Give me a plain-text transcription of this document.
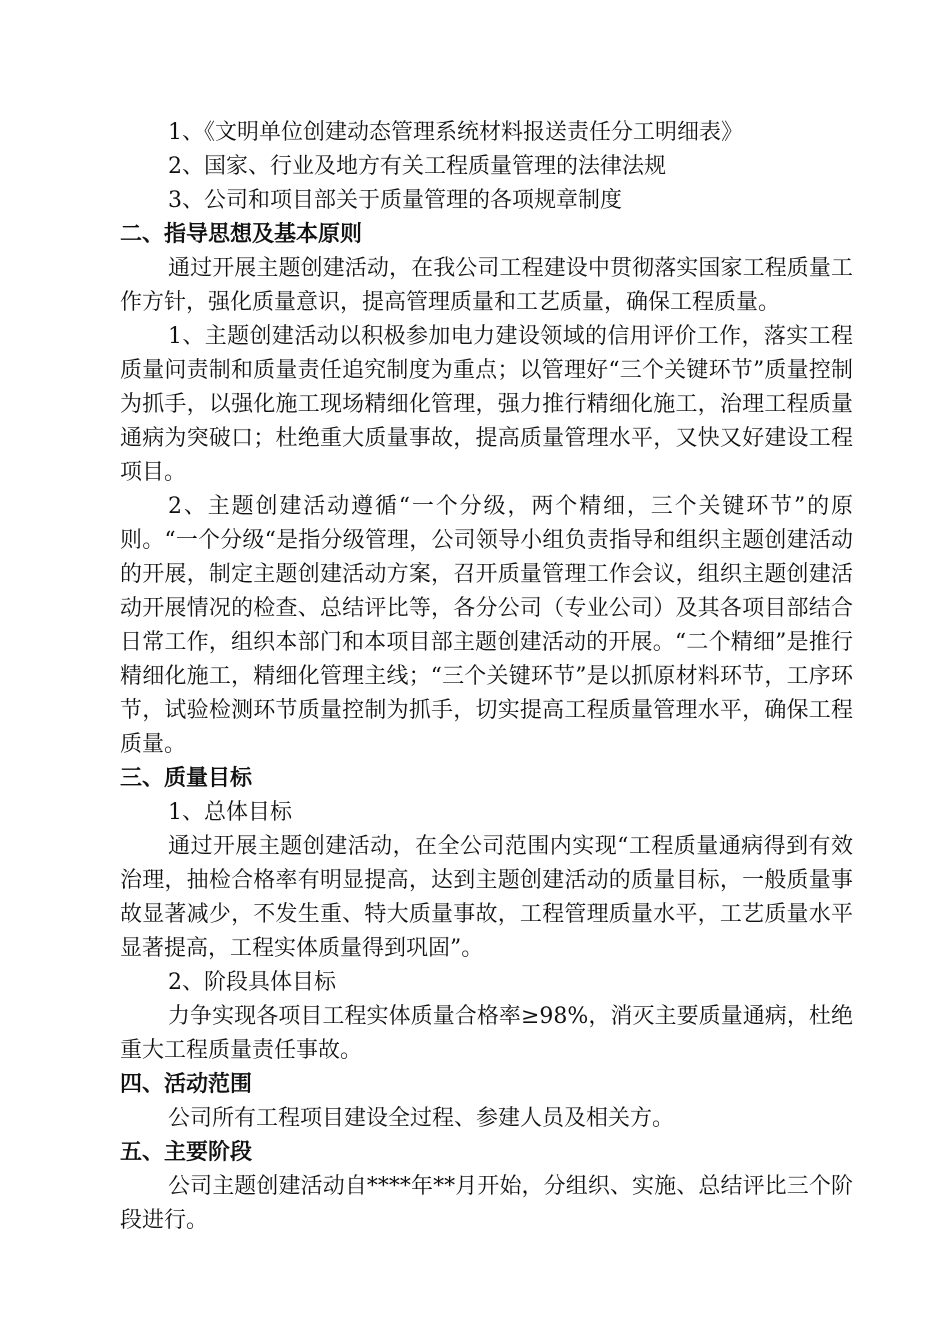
1、《文明单位创建动态管理系统材料报送责任分工明细表》

2、国家、行业及地方有关工程质量管理的法律法规

3、公司和项目部关于质量管理的各项规章制度

二、指导思想及基本原则

通过开展主题创建活动，在我公司工程建设中贯彻落实国家工程质量工作方针，强化质量意识，提高管理质量和工艺质量，确保工程质量。

1、主题创建活动以积极参加电力建设领域的信用评价工作，落实工程质量问责制和质量责任追究制度为重点；以管理好“三个关键环节”质量控制为抓手，以强化施工现场精细化管理，强力推行精细化施工，治理工程质量通病为突破口；杜绝重大质量事故，提高质量管理水平，又快又好建设工程项目。

2、主题创建活动遵循“一个分级，两个精细，三个关键环节”的原则。“一个分级“是指分级管理，公司领导小组负责指导和组织主题创建活动的开展，制定主题创建活动方案，召开质量管理工作会议，组织主题创建活动开展情况的检查、总结评比等，各分公司（专业公司）及其各项目部结合日常工作，组织本部门和本项目部主题创建活动的开展。“二个精细”是推行精细化施工，精细化管理主线；“三个关键环节”是以抓原材料环节，工序环节，试验检测环节质量控制为抓手，切实提高工程质量管理水平，确保工程质量。

三、质量目标

1、总体目标

通过开展主题创建活动，在全公司范围内实现“工程质量通病得到有效治理，抽检合格率有明显提高，达到主题创建活动的质量目标，一般质量事故显著减少，不发生重、特大质量事故，工程管理质量水平，工艺质量水平显著提高，工程实体质量得到巩固”。

2、阶段具体目标

力争实现各项目工程实体质量合格率≥98%，消灭主要质量通病，杜绝重大工程质量责任事故。

四、活动范围

公司所有工程项目建设全过程、参建人员及相关方。

五、主要阶段

公司主题创建活动自****年**月开始，分组织、实施、总结评比三个阶段进行。
